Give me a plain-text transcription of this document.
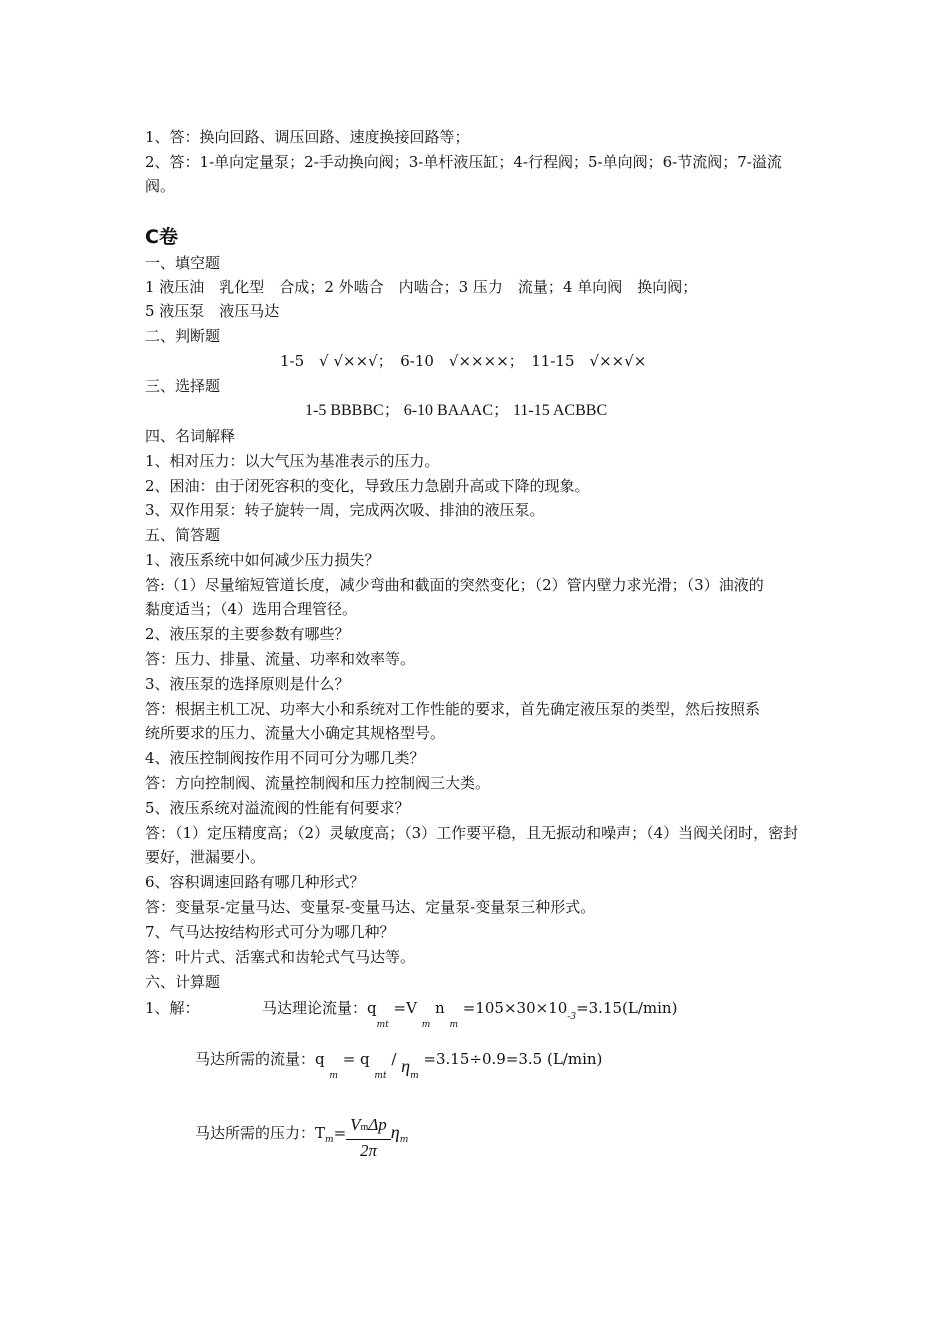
1、答：换向回路、调压回路、速度换接回路等；
2、答：1-单向定量泵；2-手动换向阀；3-单杆液压缸；4-行程阀；5-单向阀；6-节流阀；7-溢流
阀。
C卷
一、填空题
1 液压油　乳化型　合成；2 外啮合　内啮合；3 压力　流量；4 单向阀　换向阀；
5 液压泵　液压马达
二、判断题
1-5　√ √××√；　6-10　√××××；　11-15　√××√×
三、选择题
1-5 BBBBC； 6-10 BAAAC； 11-15 ACBBC
四、名词解释
1、相对压力：以大气压为基准表示的压力。
2、困油：由于闭死容积的变化，导致压力急剧升高或下降的现象。
3、双作用泵：转子旋转一周，完成两次吸、排油的液压泵。
五、简答题
1、液压系统中如何减少压力损失？
答:（1）尽量缩短管道长度，减少弯曲和截面的突然变化；（2）管内壁力求光滑；（3）油液的
黏度适当；（4）选用合理管径。
2、液压泵的主要参数有哪些？
答：压力、排量、流量、功率和效率等。
3、液压泵的选择原则是什么？
答：根据主机工况、功率大小和系统对工作性能的要求，首先确定液压泵的类型，然后按照系
统所要求的压力、流量大小确定其规格型号。
4、液压控制阀按作用不同可分为哪几类？
答：方向控制阀、流量控制阀和压力控制阀三大类。
5、液压系统对溢流阀的性能有何要求？
答：（1）定压精度高；（2）灵敏度高；（3）工作要平稳，且无振动和噪声；（4）当阀关闭时，密封
要好，泄漏要小。
6、容积调速回路有哪几种形式？
答：变量泵-定量马达、变量泵-变量马达、定量泵-变量泵三种形式。
7、气马达按结构形式可分为哪几种？
答：叶片式、活塞式和齿轮式气马达等。
六、计算题
1、解：	马达理论流量：$q_{mt} =V$ $_m$ n $_m =105\times 30\times 10_{-3}=3.15(L/\min)$
马达所需的流量：q $_m$ = q $_{mt} / \eta_m =3.15\div 0.9=3.5$ (L/min)
马达所需的压力：$T_m= \frac{\text{VmΔp}}{2\pi} \eta_m$
